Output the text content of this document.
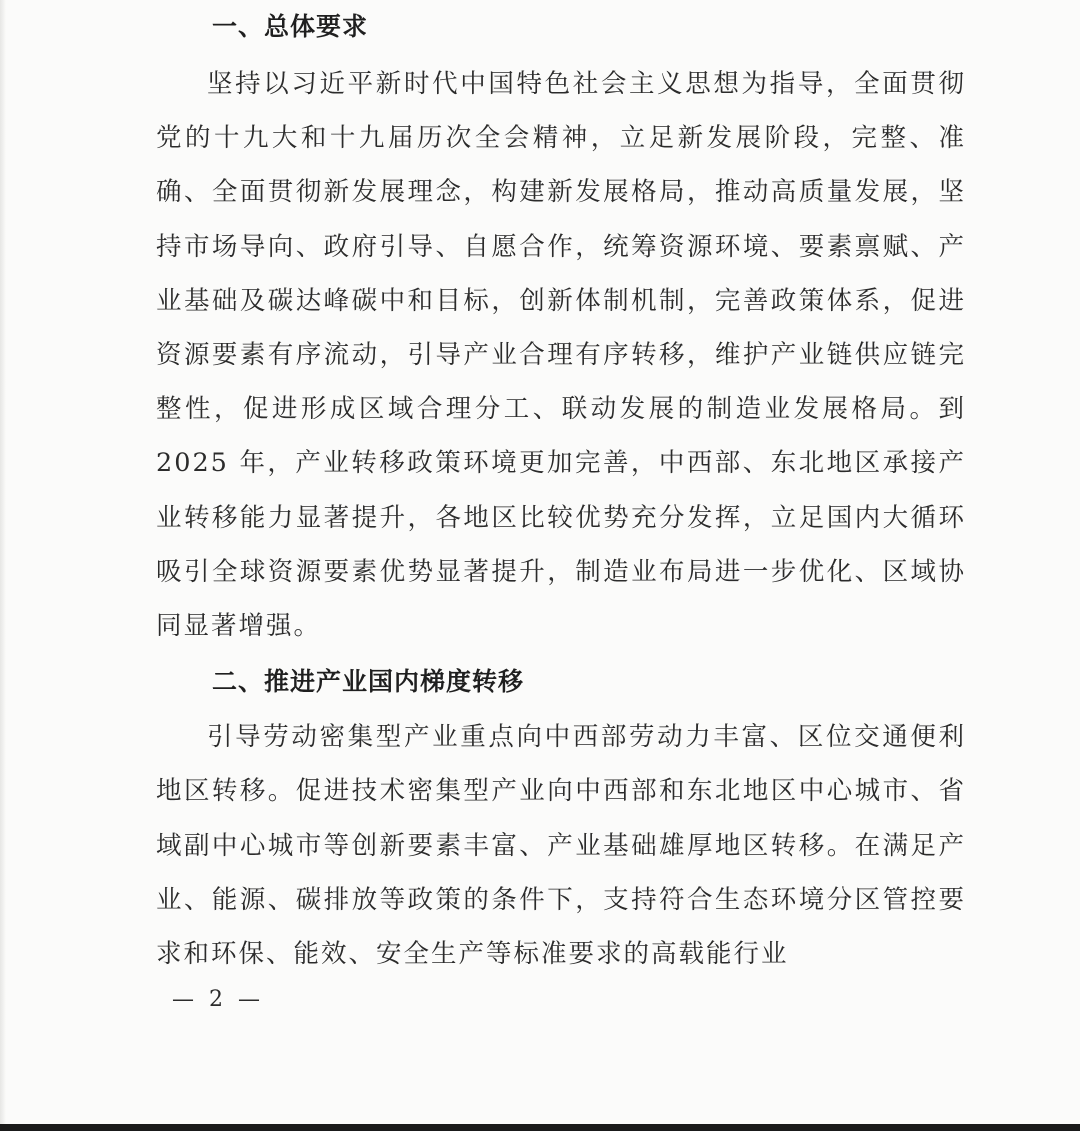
一、总体要求

坚持以习近平新时代中国特色社会主义思想为指导，全面贯彻党的十九大和十九届历次全会精神，立足新发展阶段，完整、准确、全面贯彻新发展理念，构建新发展格局，推动高质量发展，坚持市场导向、政府引导、自愿合作，统筹资源环境、要素禀赋、产业基础及碳达峰碳中和目标，创新体制机制，完善政策体系，促进资源要素有序流动，引导产业合理有序转移，维护产业链供应链完整性，促进形成区域合理分工、联动发展的制造业发展格局。到 2025 年，产业转移政策环境更加完善，中西部、东北地区承接产业转移能力显著提升，各地区比较优势充分发挥，立足国内大循环吸引全球资源要素优势显著提升，制造业布局进一步优化、区域协同显著增强。

二、推进产业国内梯度转移

引导劳动密集型产业重点向中西部劳动力丰富、区位交通便利地区转移。促进技术密集型产业向中西部和东北地区中心城市、省域副中心城市等创新要素丰富、产业基础雄厚地区转移。在满足产业、能源、碳排放等政策的条件下，支持符合生态环境分区管控要求和环保、能效、安全生产等标准要求的高载能行业

— 2 —
